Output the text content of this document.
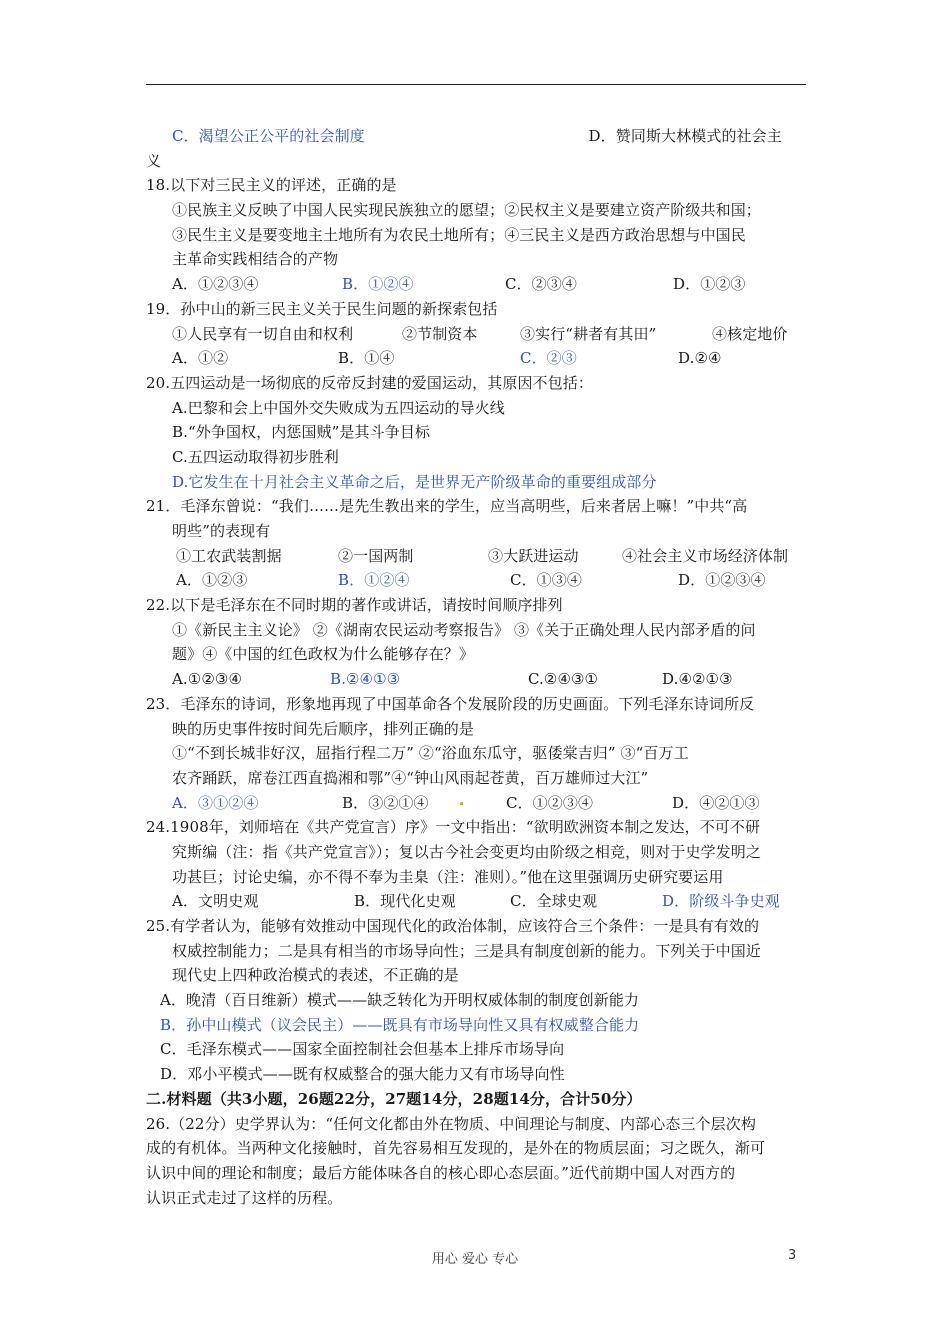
C．渴望公正公平的社会制度	D．赞同斯大林模式的社会主
义
18.以下对三民主义的评述，正确的是
①民族主义反映了中国人民实现民族独立的愿望；②民权主义是要建立资产阶级共和国；
③民生主义是要变地主土地所有为农民土地所有；④三民主义是西方政治思想与中国民
主革命实践相结合的产物
A．①②③④	B．①②④	C．②③④	D．①②③
19．孙中山的新三民主义关于民生问题的新探索包括
①人民享有一切自由和权利	②节制资本	③实行“耕者有其田”	④核定地价
A．①②	B．①④	C．②③	D.②④
20.五四运动是一场彻底的反帝反封建的爱国运动，其原因不包括：
A.巴黎和会上中国外交失败成为五四运动的导火线
B.“外争国权，内惩国贼”是其斗争目标
C.五四运动取得初步胜利
D.它发生在十月社会主义革命之后，是世界无产阶级革命的重要组成部分
21．毛泽东曾说：“我们……是先生教出来的学生，应当高明些，后来者居上嘛！”中共“高
明些”的表现有
①工农武装割据	②一国两制	③大跃进运动	④社会主义市场经济体制
A．①②③	B．①②④	C．①③④	D．①②③④
22.以下是毛泽东在不同时期的著作或讲话，请按时间顺序排列
①《新民主主义论》 ②《湖南农民运动考察报告》 ③《关于正确处理人民内部矛盾的问
题》④《中国的红色政权为什么能够存在？》
A.①②③④	B.②④①③	C.②④③①	D.④②①③
23．毛泽东的诗词，形象地再现了中国革命各个发展阶段的历史画面。下列毛泽东诗词所反
映的历史事件按时间先后顺序，排列正确的是
①“不到长城非好汉，屈指行程二万” ②“浴血东瓜守，驱倭棠吉归” ③“百万工
农齐踊跃，席卷江西直捣湘和鄂”④“钟山风雨起苍黄，百万雄师过大江”
A．③①②④	B．③②①④	C．①②③④	D．④②①③
24.1908年，刘师培在《共产党宣言）序》一文中指出：“欲明欧洲资本制之发达，不可不研
究斯编（注：指《共产党宣言》）；复以古今社会变更均由阶级之相竞，则对于史学发明之
功甚巨；讨论史编，亦不得不奉为圭臬（注：准则）。”他在这里强调历史研究要运用
A．文明史观	B．现代化史观	C．全球史观	D．阶级斗争史观
25.有学者认为，能够有效推动中国现代化的政治体制，应该符合三个条件：一是具有有效的
权威控制能力；二是具有相当的市场导向性；三是具有制度创新的能力。下列关于中国近
现代史上四种政治模式的表述，不正确的是
A．晚清（百日维新）模式——缺乏转化为开明权威体制的制度创新能力
B．孙中山模式（议会民主）——既具有市场导向性又具有权威整合能力
C．毛泽东模式——国家全面控制社会但基本上排斥市场导向
D．邓小平模式——既有权威整合的强大能力又有市场导向性
二.材料题（共3小题，26题22分，27题14分，28题14分，合计50分）
26.（22分）史学界认为：“任何文化都由外在物质、中间理论与制度、内部心态三个层次构
成的有机体。当两种文化接触时，首先容易相互发现的，是外在的物质层面；习之既久，渐可
认识中间的理论和制度；最后方能体味各自的核心即心态层面。”近代前期中国人对西方的
认识正式走过了这样的历程。
用心 爱心 专心	3
